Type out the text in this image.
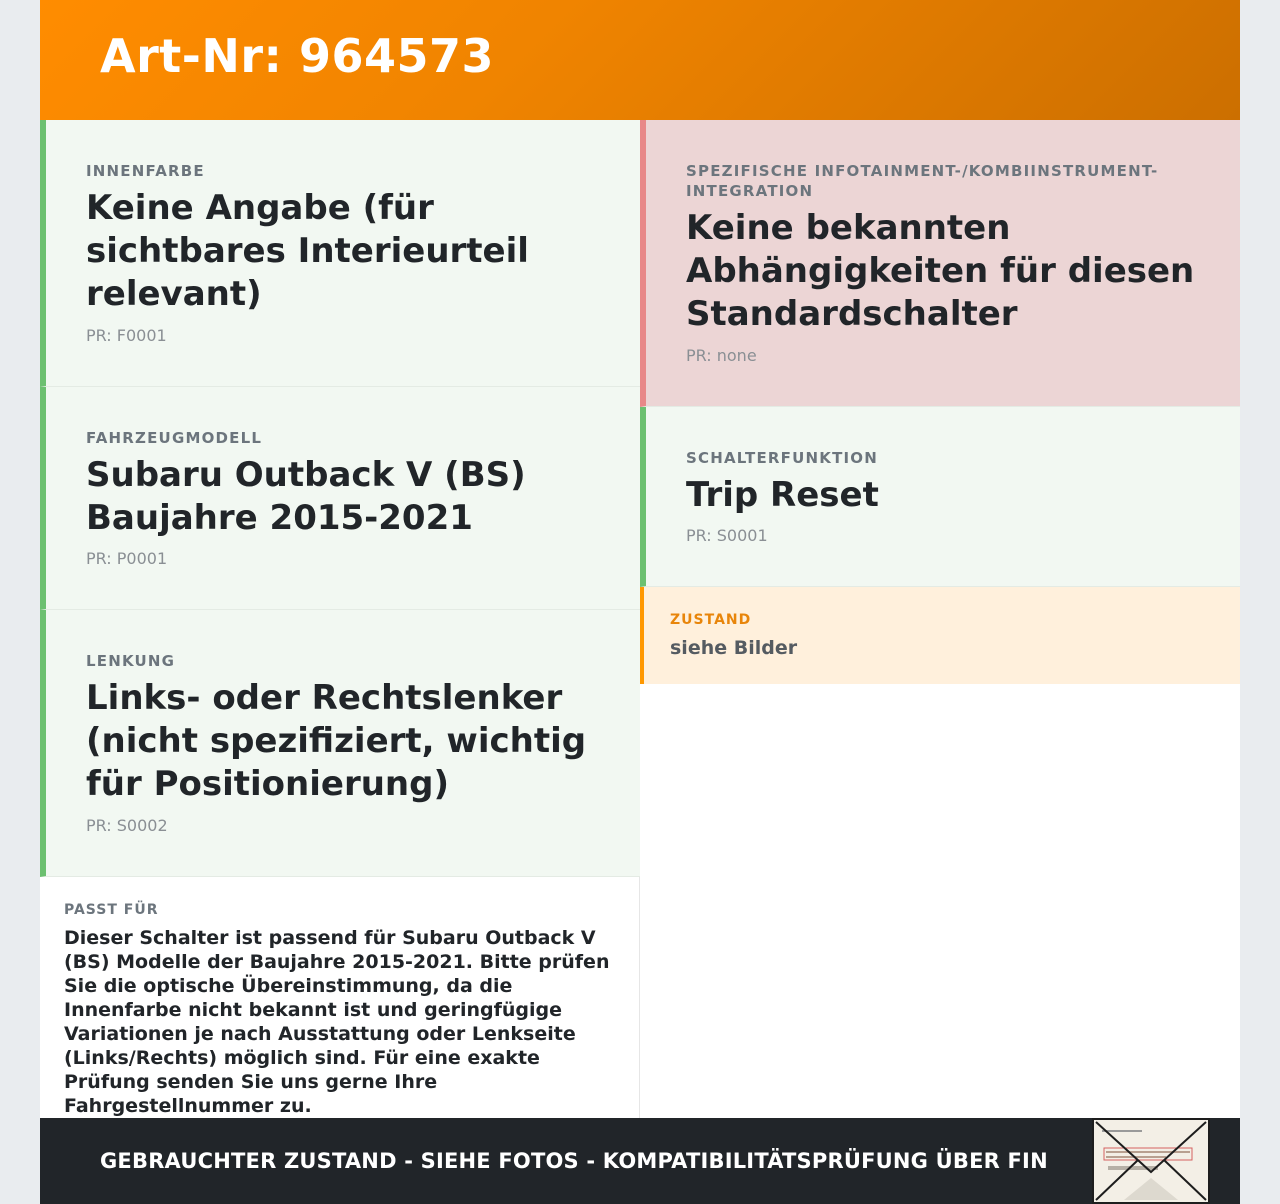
Art-Nr: 964573

INNENFARBE

Keine Angabe (für sichtbares Interieurteil relevant)

PR: F0001

FAHRZEUGMODELL

Subaru Outback V (BS) Baujahre 2015-2021

PR: P0001

LENKUNG

Links- oder Rechtslenker (nicht spezifiziert, wichtig für Positionierung)

PR: S0002

SPEZIFISCHE INFOTAINMENT-/KOMBIINSTRUMENT-
INTEGRATION

Keine bekannten Abhängigkeiten für diesen Standardschalter

PR: none

SCHALTERFUNKTION

Trip Reset

PR: S0001

ZUSTAND

siehe Bilder

PASST FÜR

Dieser Schalter ist passend für Subaru Outback V (BS) Modelle der Baujahre 2015-2021. Bitte prüfen Sie die optische Übereinstimmung, da die Innenfarbe nicht bekannt ist und geringfügige Variationen je nach Ausstattung oder Lenkseite (Links/Rechts) möglich sind. Für eine exakte Prüfung senden Sie uns gerne Ihre Fahrgestellnummer zu.

GEBRAUCHTER ZUSTAND - SIEHE FOTOS - KOMPATIBILITÄTSPRÜFUNG ÜBER FIN
